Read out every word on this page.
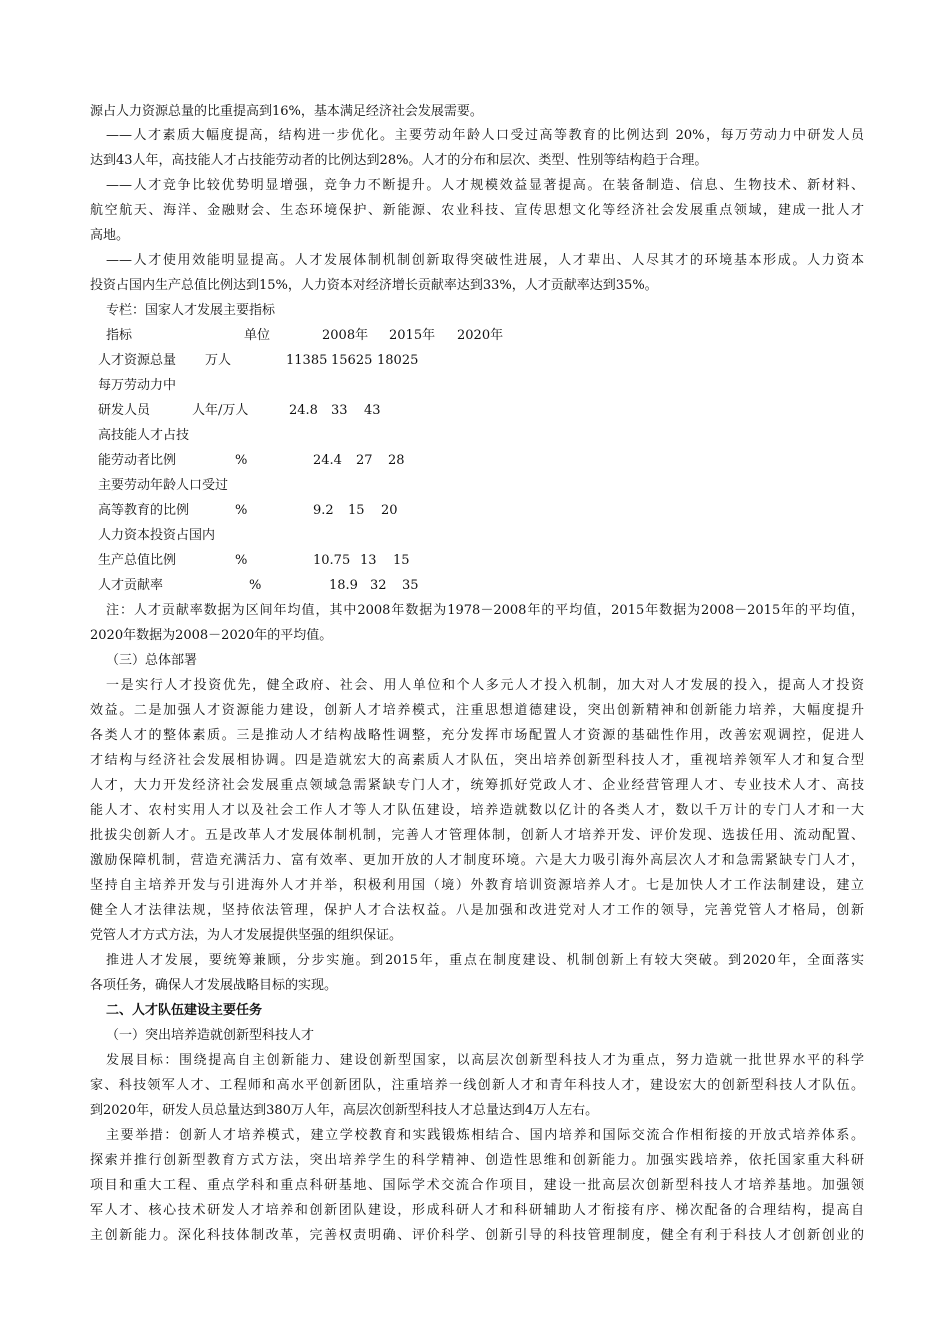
源占人力资源总量的比重提高到16%，基本满足经济社会发展需要。
——人才素质大幅度提高，结构进一步优化。主要劳动年龄人口受过高等教育的比例达到 20%，每万劳动力中研发人员
达到43人年，高技能人才占技能劳动者的比例达到28%。人才的分布和层次、类型、性别等结构趋于合理。
——人才竞争比较优势明显增强，竞争力不断提升。人才规模效益显著提高。在装备制造、信息、生物技术、新材料、
航空航天、海洋、金融财会、生态环境保护、新能源、农业科技、宣传思想文化等经济社会发展重点领域，建成一批人才
高地。
——人才使用效能明显提高。人才发展体制机制创新取得突破性进展，人才辈出、人尽其才的环境基本形成。人力资本
投资占国内生产总值比例达到15%，人力资本对经济增长贡献率达到33%，人才贡献率达到35%。
专栏：国家人才发展主要指标
指标	单位	2008年 2015年 2020年
人才资源总量 万人	11385 15625 18025
每万劳动力中
研发人员	人年/万人	24.8 33 43
高技能人才占技
能劳动者比例	%	24.4 27 28
主要劳动年龄人口受过
高等教育的比例	%	9.2 15 20
人力资本投资占国内
生产总值比例	%	10.75 13 15
人才贡献率	%	18.9 32 35
注：人才贡献率数据为区间年均值，其中2008年数据为1978－2008年的平均值，2015年数据为2008－2015年的平均值，
2020年数据为2008－2020年的平均值。
（三）总体部署
一是实行人才投资优先，健全政府、社会、用人单位和个人多元人才投入机制，加大对人才发展的投入，提高人才投资
效益。二是加强人才资源能力建设，创新人才培养模式，注重思想道德建设，突出创新精神和创新能力培养，大幅度提升
各类人才的整体素质。三是推动人才结构战略性调整，充分发挥市场配置人才资源的基础性作用，改善宏观调控，促进人
才结构与经济社会发展相协调。四是造就宏大的高素质人才队伍，突出培养创新型科技人才，重视培养领军人才和复合型
人才，大力开发经济社会发展重点领域急需紧缺专门人才，统筹抓好党政人才、企业经营管理人才、专业技术人才、高技
能人才、农村实用人才以及社会工作人才等人才队伍建设，培养造就数以亿计的各类人才，数以千万计的专门人才和一大
批拔尖创新人才。五是改革人才发展体制机制，完善人才管理体制，创新人才培养开发、评价发现、选拔任用、流动配置、
激励保障机制，营造充满活力、富有效率、更加开放的人才制度环境。六是大力吸引海外高层次人才和急需紧缺专门人才，
坚持自主培养开发与引进海外人才并举，积极利用国（境）外教育培训资源培养人才。七是加快人才工作法制建设，建立
健全人才法律法规，坚持依法管理，保护人才合法权益。八是加强和改进党对人才工作的领导，完善党管人才格局，创新
党管人才方式方法，为人才发展提供坚强的组织保证。
推进人才发展，要统筹兼顾，分步实施。到2015年，重点在制度建设、机制创新上有较大突破。到2020年，全面落实
各项任务，确保人才发展战略目标的实现。
二、人才队伍建设主要任务
（一）突出培养造就创新型科技人才
发展目标：围绕提高自主创新能力、建设创新型国家，以高层次创新型科技人才为重点，努力造就一批世界水平的科学
家、科技领军人才、工程师和高水平创新团队，注重培养一线创新人才和青年科技人才，建设宏大的创新型科技人才队伍。
到2020年，研发人员总量达到380万人年，高层次创新型科技人才总量达到4万人左右。
主要举措：创新人才培养模式，建立学校教育和实践锻炼相结合、国内培养和国际交流合作相衔接的开放式培养体系。
探索并推行创新型教育方式方法，突出培养学生的科学精神、创造性思维和创新能力。加强实践培养，依托国家重大科研
项目和重大工程、重点学科和重点科研基地、国际学术交流合作项目，建设一批高层次创新型科技人才培养基地。加强领
军人才、核心技术研发人才培养和创新团队建设，形成科研人才和科研辅助人才衔接有序、梯次配备的合理结构，提高自
主创新能力。深化科技体制改革，完善权责明确、评价科学、创新引导的科技管理制度，健全有利于科技人才创新创业的
